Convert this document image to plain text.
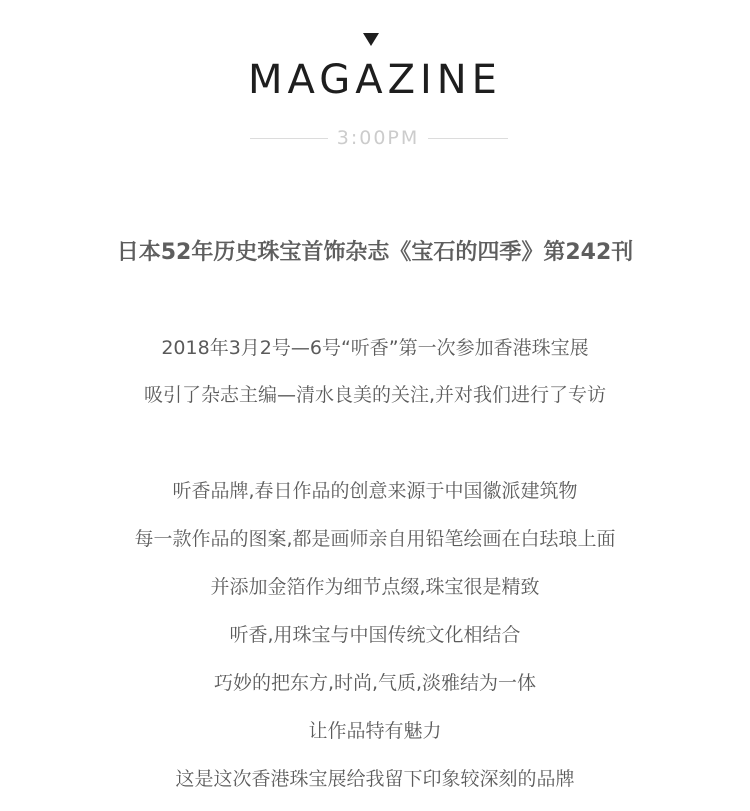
MAGAZINE
3:00PM
日本52年历史珠宝首饰杂志《宝石的四季》第242刊
2018年3月2号—6号“听香”第一次参加香港珠宝展
吸引了杂志主编—清水良美的关注,并对我们进行了专访
听香品牌,春日作品的创意来源于中国徽派建筑物
每一款作品的图案,都是画师亲自用铅笔绘画在白珐琅上面
并添加金箔作为细节点缀,珠宝很是精致
听香,用珠宝与中国传统文化相结合
巧妙的把东方,时尚,气质,淡雅结为一体
让作品特有魅力
这是这次香港珠宝展给我留下印象较深刻的品牌
